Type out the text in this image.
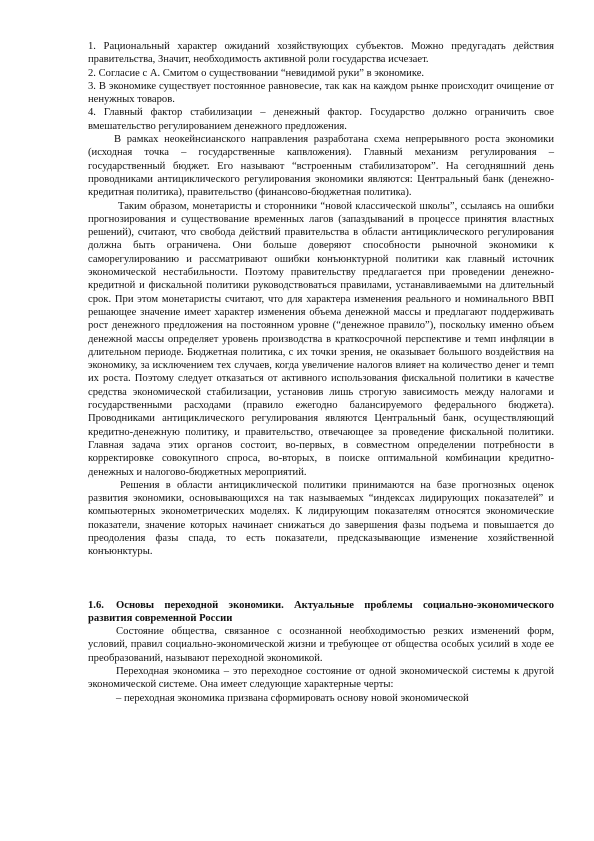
1. Рациональный характер ожиданий хозяйствующих субъектов. Можно предугадать действия правительства, Значит, необходимость активной роли государства исчезает.

2. Согласие с А. Смитом о существовании “невидимой руки” в экономике.

3. В экономике существует постоянное равновесие, так как на каждом рынке происходит очищение от ненужных товаров.

4. Главный фактор стабилизации – денежный фактор. Государство должно ограничить свое вмешательство регулированием денежного предложения.

В рамках неокейнсианского направления разработана схема непрерывного роста экономики (исходная точка – государственные капвложения). Главный механизм регулирования – государственный бюджет. Его называют “встроенным стабилизатором”. На сегодняшний день проводниками антициклического регулирования экономики являются: Центральный банк (денежно-кредитная политика), правительство (финансово-бюджетная политика).

Таким образом, монетаристы и сторонники “новой классической школы”, ссылаясь на ошибки прогнозирования и существование временных лагов (запаздываний в процессе принятия властных решений), считают, что свобода действий правительства в области антициклического регулирования должна быть ограничена. Они больше доверяют способности рыночной экономики к саморегулированию и рассматривают ошибки конъюнктурной политики как главный источник экономической нестабильности. Поэтому правительству предлагается при проведении денежно-кредитной и фискальной политики руководствоваться правилами, устанавливаемыми на длительный срок. При этом монетаристы считают, что для характера изменения реального и номинального ВВП решающее значение имеет характер изменения объема денежной массы и предлагают поддерживать рост денежного предложения на постоянном уровне (“денежное правило”), поскольку именно объем денежной массы определяет уровень производства в краткосрочной перспективе и темп инфляции в длительном периоде. Бюджетная политика, с их точки зрения, не оказывает большого воздействия на экономику, за исключением тех случаев, когда увеличение налогов влияет на количество денег и темп их роста. Поэтому следует отказаться от активного использования фискальной политики в качестве средства экономической стабилизации, установив лишь строгую зависимость между налогами и государственными расходами (правило ежегодно балансируемого федерального бюджета). Проводниками антициклического регулирования являются Центральный банк, осуществляющий кредитно-денежную политику, и правительство, отвечающее за проведение фискальной политики. Главная задача этих органов состоит, во-первых, в совместном определении потребности в корректировке совокупного спроса, во-вторых, в поиске оптимальной комбинации кредитно-денежных и налогово-бюджетных мероприятий.

Решения в области антициклической политики принимаются на базе прогнозных оценок развития экономики, основывающихся на так называемых “индексах лидирующих показателей” и компьютерных эконометрических моделях. К лидирующим показателям относятся экономические показатели, значение которых начинает снижаться до завершения фазы подъема и повышается до преодоления фазы спада, то есть показатели, предсказывающие изменение хозяйственной конъюнктуры.

1.6. Основы переходной экономики. Актуальные проблемы социально-экономического развития современной России

Состояние общества, связанное с осознанной необходимостью резких изменений форм, условий, правил социально-экономической жизни и требующее от общества особых усилий в ходе ее преобразований, называют переходной экономикой.

Переходная экономика – это переходное состояние от одной экономической системы к другой экономической системе. Она имеет следующие характерные черты:

– переходная экономика призвана сформировать основу новой экономической
